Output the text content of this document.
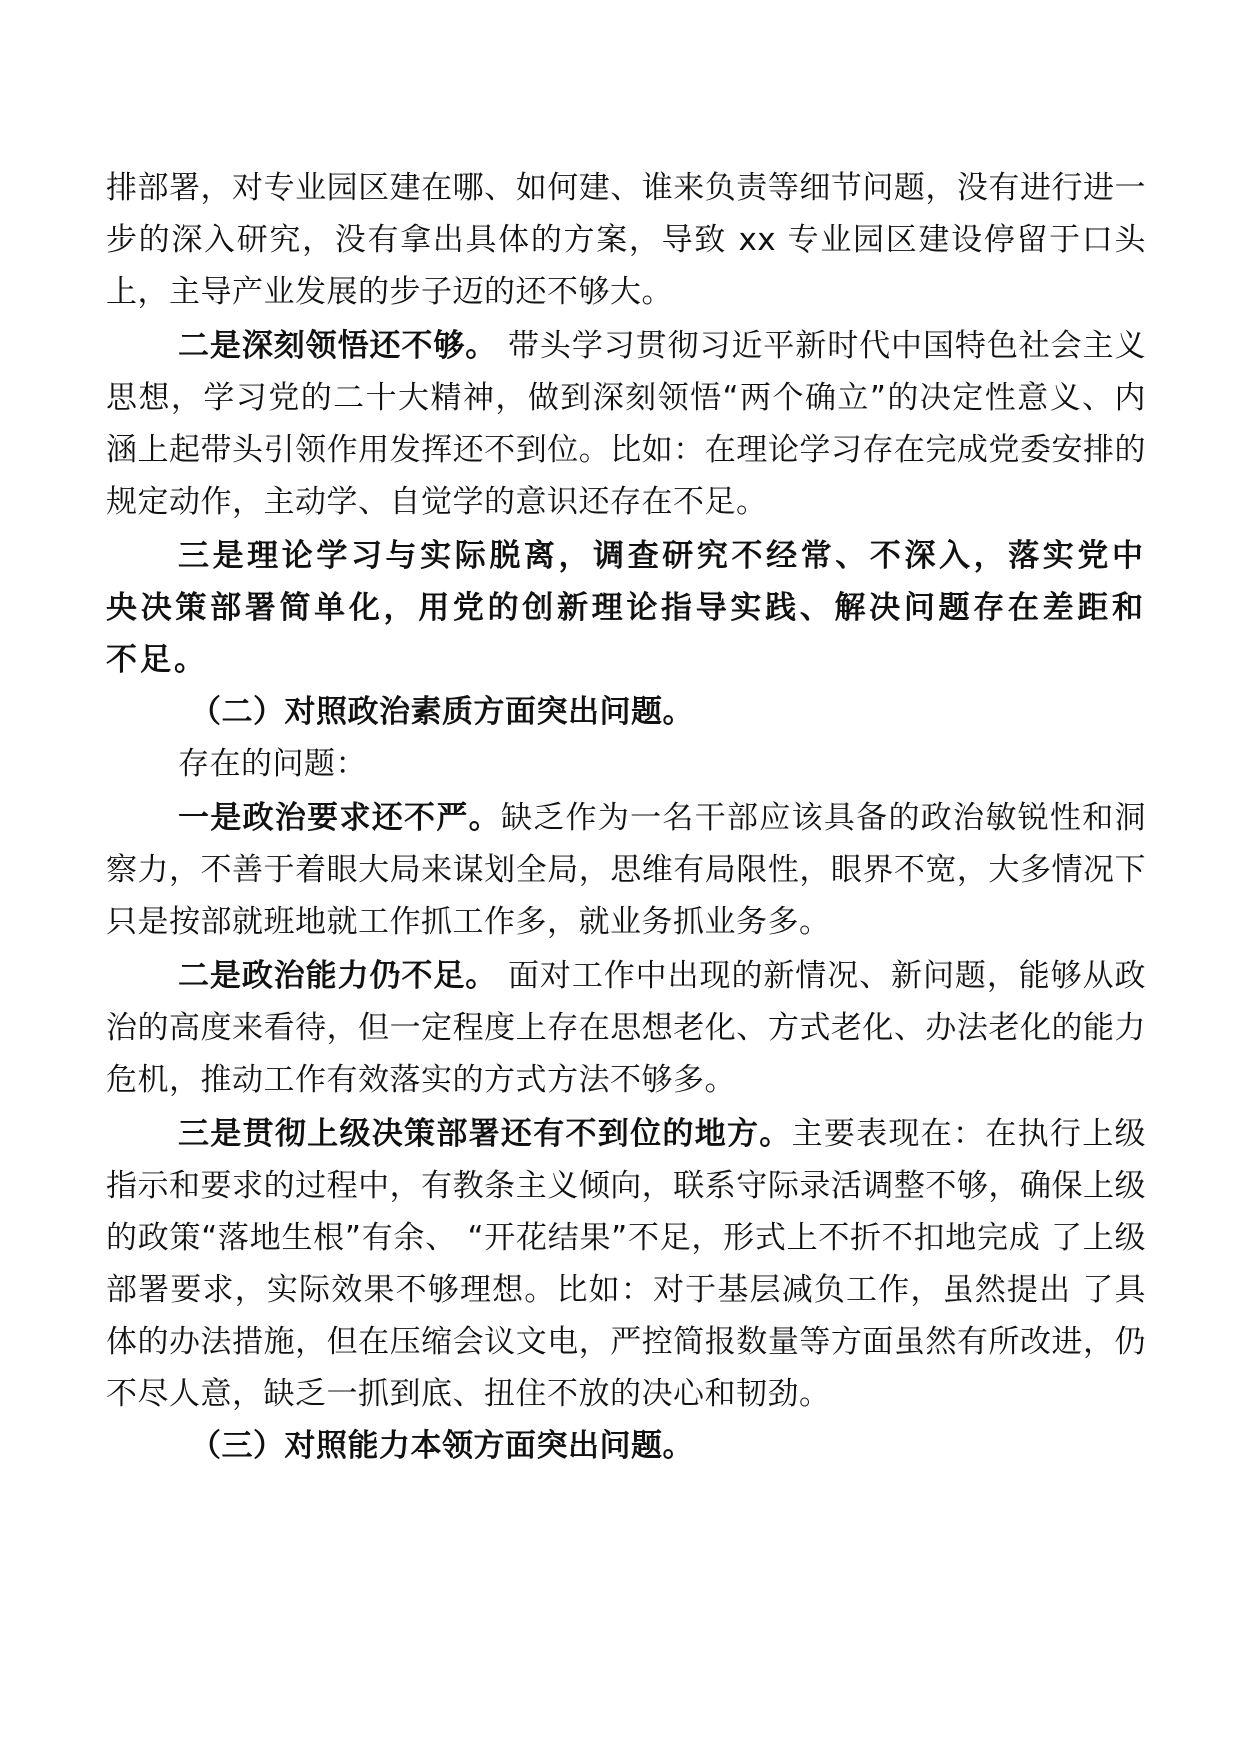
排部署，对专业园区建在哪、如何建、谁来负责等细节问题，没有进行进一步的深入研究，没有拿出具体的方案，导致 xx 专业园区建设停留于口头上，主导产业发展的步子迈的还不够大。

二是深刻领悟还不够。 带头学习贯彻习近平新时代中国特色社会主义思想，学习党的二十大精神，做到深刻领悟“两个确立”的决定性意义、内涵上起带头引领作用发挥还不到位。比如：在理论学习存在完成党委安排的规定动作，主动学、自觉学的意识还存在不足。

三是理论学习与实际脱离，调查研究不经常、不深入，落实党中央决策部署简单化，用党的创新理论指导实践、解决问题存在差距和不足。

（二）对照政治素质方面突出问题。

存在的问题：

一是政治要求还不严。缺乏作为一名干部应该具备的政治敏锐性和洞察力，不善于着眼大局来谋划全局，思维有局限性，眼界不宽，大多情况下只是按部就班地就工作抓工作多，就业务抓业务多。

二是政治能力仍不足。 面对工作中出现的新情况、新问题，能够从政治的高度来看待，但一定程度上存在思想老化、方式老化、办法老化的能力危机，推动工作有效落实的方式方法不够多。

三是贯彻上级决策部署还有不到位的地方。主要表现在：在执行上级指示和要求的过程中，有教条主义倾向，联系守际录活调整不够，确保上级的政策“落地生根”有余、 “开花结果”不足，形式上不折不扣地完成 了上级部署要求，实际效果不够理想。比如：对于基层减负工作，虽然提出 了具体的办法措施，但在压缩会议文电，严控简报数量等方面虽然有所改进，仍不尽人意，缺乏一抓到底、扭住不放的决心和韧劲。

（三）对照能力本领方面突出问题。
